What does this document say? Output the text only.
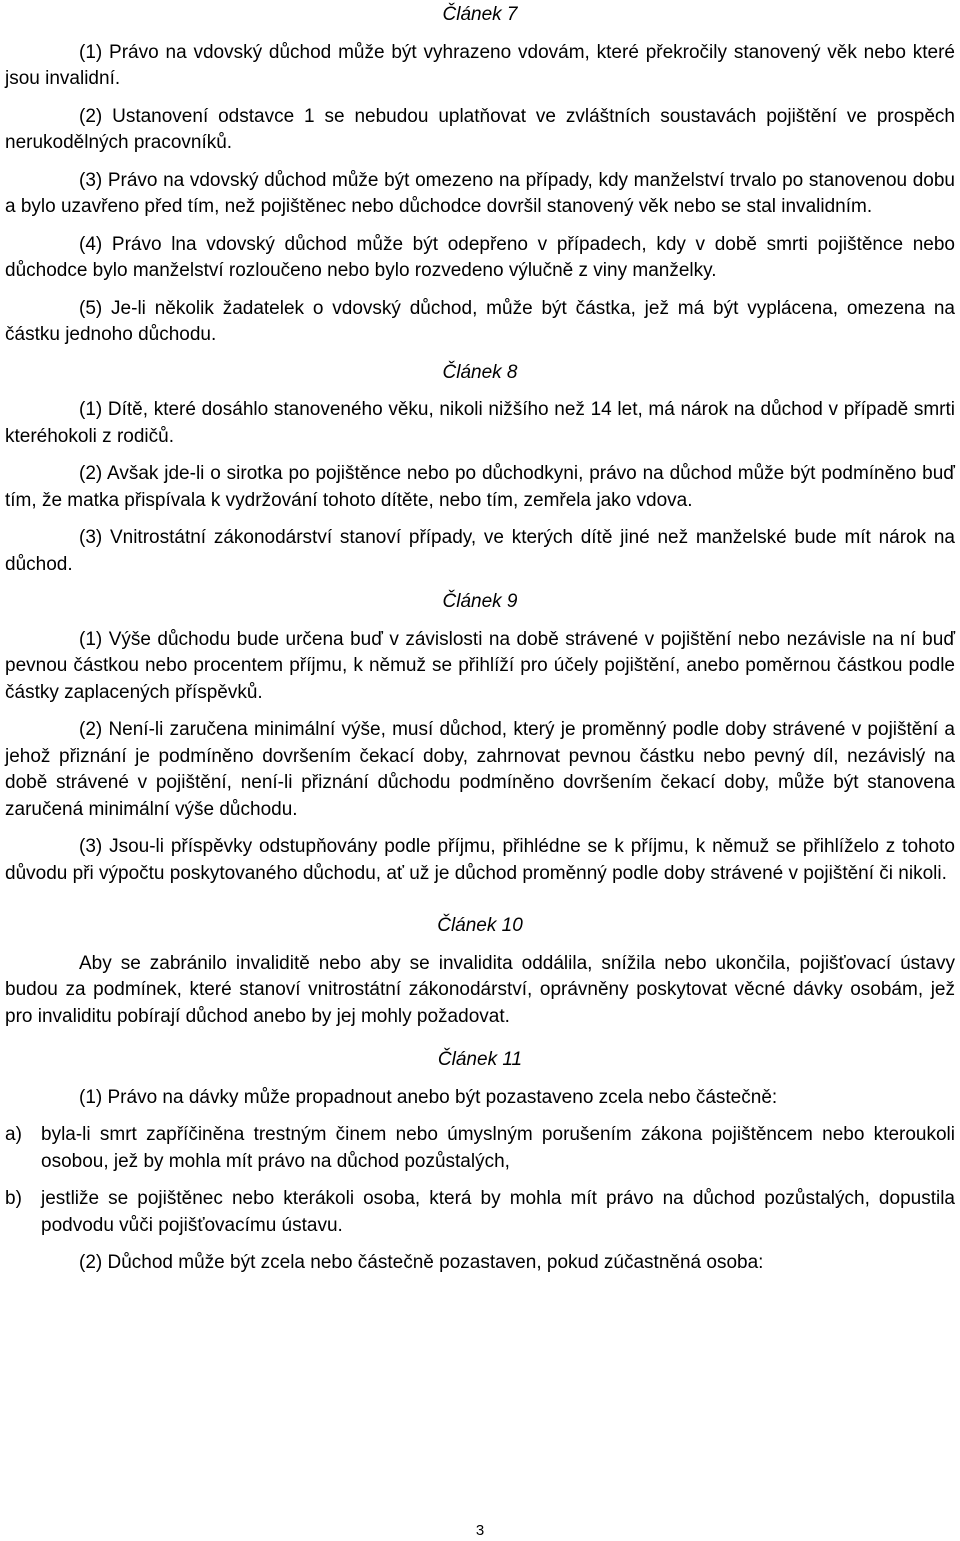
Článek 7

(1) Právo na vdovský důchod může být vyhrazeno vdovám, které překročily stanovený věk nebo které jsou invalidní.

(2) Ustanovení odstavce 1 se nebudou uplatňovat ve zvláštních soustavách pojištění ve prospěch nerukodělných pracovníků.

(3) Právo na vdovský důchod může být omezeno na případy, kdy manželství trvalo po stanovenou dobu a bylo uzavřeno před tím, než pojištěnec nebo důchodce dovršil stanovený věk nebo se stal invalidním.

(4) Právo lna vdovský důchod může být odepřeno v případech, kdy v době smrti pojištěnce nebo důchodce bylo manželství rozloučeno nebo bylo rozvedeno výlučně z viny manželky.

(5) Je-li několik žadatelek o vdovský důchod, může být částka, jež má být vyplácena, omezena na částku jednoho důchodu.

Článek 8

(1) Dítě, které dosáhlo stanoveného věku, nikoli nižšího než 14 let, má nárok na důchod v případě smrti kteréhokoli z rodičů.

(2) Avšak jde-li o sirotka po pojištěnce nebo po důchodkyni, právo na důchod může být podmíněno buď tím, že matka přispívala k vydržování tohoto dítěte, nebo tím, zemřela jako vdova.

(3) Vnitrostátní zákonodárství stanoví případy, ve kterých dítě jiné než manželské bude mít nárok na důchod.

Článek 9

(1) Výše důchodu bude určena buď v závislosti na době strávené v pojištění nebo nezávisle na ní buď pevnou částkou nebo procentem příjmu, k němuž se přihlíží pro účely pojištění, anebo poměrnou částkou podle částky zaplacených příspěvků.

(2) Není-li zaručena minimální výše, musí důchod, který je proměnný podle doby strávené v pojištění a jehož přiznání je podmíněno dovršením čekací doby, zahrnovat pevnou částku nebo pevný díl, nezávislý na době strávené v pojištění, není-li přiznání důchodu podmíněno dovršením čekací doby, může být stanovena zaručená minimální výše důchodu.

(3) Jsou-li příspěvky odstupňovány podle příjmu, přihlédne se k příjmu, k němuž se přihlíželo z tohoto důvodu při výpočtu poskytovaného důchodu, ať už je důchod proměnný podle doby strávené v pojištění či nikoli.

Článek 10

Aby se zabránilo invaliditě nebo aby se invalidita oddálila, snížila nebo ukončila, pojišťovací ústavy budou za podmínek, které stanoví vnitrostátní zákonodárství, oprávněny poskytovat věcné dávky osobám, jež pro invaliditu pobírají důchod anebo by jej mohly požadovat.

Článek 11

(1) Právo na dávky může propadnout anebo být pozastaveno zcela nebo částečně:

a)	byla-li smrt zapříčiněna trestným činem nebo úmyslným porušením zákona pojištěncem nebo kteroukoli osobou, jež by mohla mít právo na důchod pozůstalých,
b)	jestliže se pojištěnec nebo kterákoli osoba, která by mohla mít právo na důchod pozůstalých, dopustila podvodu vůči pojišťovacímu ústavu.

(2) Důchod může být zcela nebo částečně pozastaven, pokud zúčastněná osoba:

3
